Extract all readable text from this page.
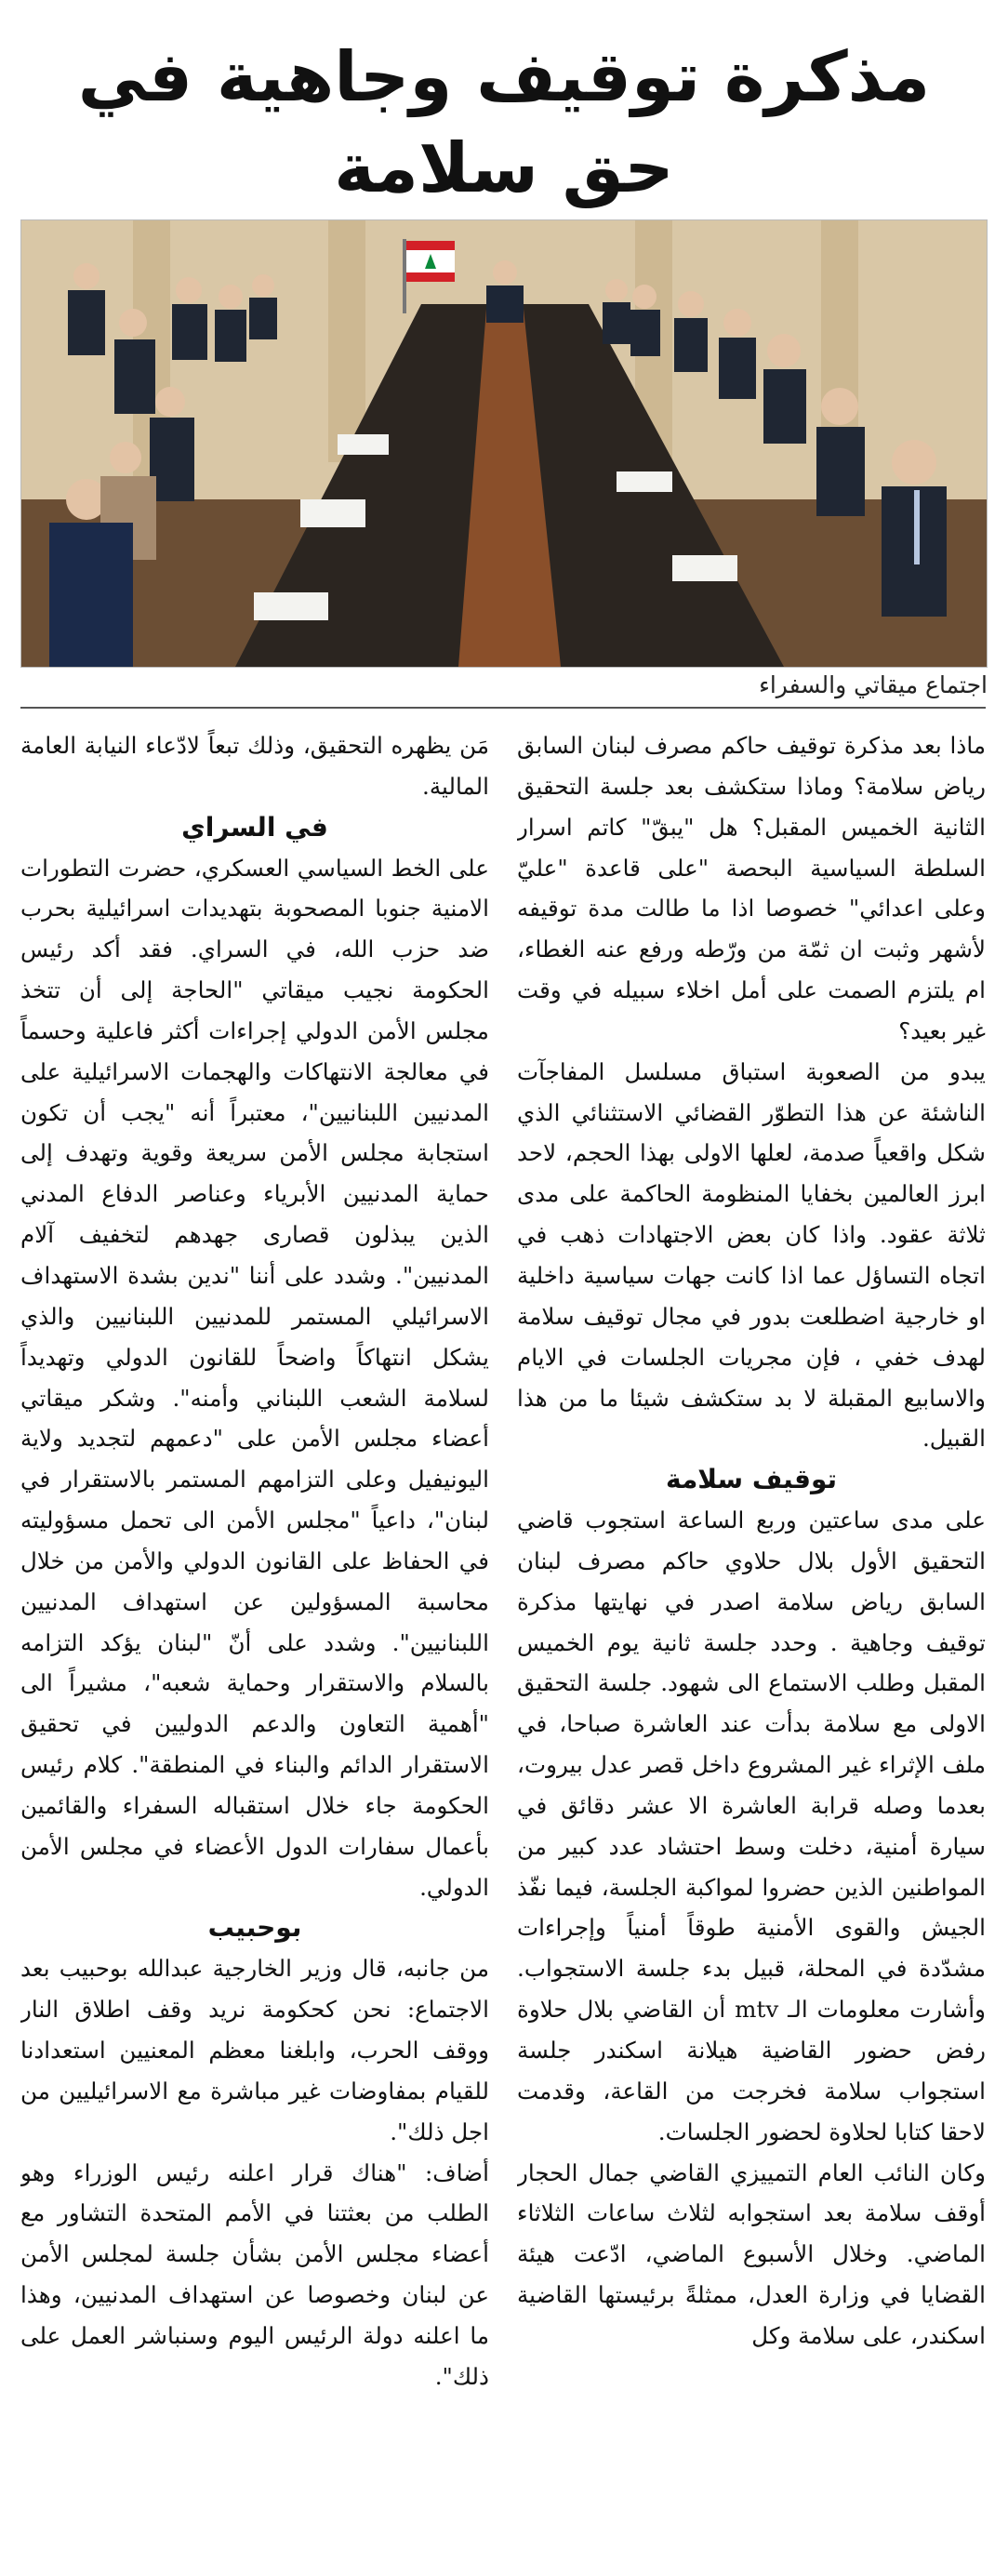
مذكرة توقيف وجاهية في حق سلامة
اجتماع ميقاتي والسفراء

ماذا بعد مذكرة توقيف حاكم مصرف لبنان السابق رياض سلامة؟ وماذا ستكشف بعد جلسة التحقيق الثانية الخميس المقبل؟ هل "يبقّ" كاتم اسرار السلطة السياسية البحصة "على قاعدة "عليّ وعلى اعدائي" خصوصا اذا ما طالت مدة توقيفه لأشهر وثبت ان ثمّة من ورّطه ورفع عنه الغطاء، ام يلتزم الصمت على أمل اخلاء سبيله في وقت غير بعيد؟

يبدو من الصعوبة استباق مسلسل المفاجآت الناشئة عن هذا التطوّر القضائي الاستثنائي الذي شكل واقعياً صدمة، لعلها الاولى بهذا الحجم، لاحد ابرز العالمين بخفايا المنظومة الحاكمة على مدى ثلاثة عقود. واذا كان بعض الاجتهادات ذهب في اتجاه التساؤل عما اذا كانت جهات سياسية داخلية او خارجية اضطلعت بدور في مجال توقيف سلامة لهدف خفي ، فإن مجريات الجلسات في الايام والاسابيع المقبلة لا بد ستكشف شيئا ما من هذا القبيل.

توقيف سلامة

على مدى ساعتين وربع الساعة استجوب قاضي التحقيق الأول بلال حلاوي حاكم مصرف لبنان السابق رياض سلامة اصدر في نهايتها مذكرة توقيف وجاهية . وحدد جلسة ثانية يوم الخميس المقبل وطلب الاستماع الى شهود. جلسة التحقيق الاولى مع سلامة بدأت عند العاشرة صباحا، في ملف الإثراء غير المشروع داخل قصر عدل بيروت، بعدما وصله قرابة العاشرة الا عشر دقائق في سيارة أمنية، دخلت وسط احتشاد عدد كبير من المواطنين الذين حضروا لمواكبة الجلسة، فيما نفّذ الجيش والقوى الأمنية طوقاً أمنياً وإجراءات مشدّدة في المحلة، قبيل بدء جلسة الاستجواب. وأشارت معلومات الـ mtv أن القاضي بلال حلاوة رفض حضور القاضية هيلانة اسكندر جلسة استجواب سلامة فخرجت من القاعة، وقدمت لاحقا كتابا لحلاوة لحضور الجلسات.

وكان النائب العام التمييزي القاضي جمال الحجار أوقف سلامة بعد استجوابه لثلاث ساعات الثلاثاء الماضي. وخلال الأسبوع الماضي، ادّعت هيئة القضايا في وزارة العدل، ممثلةً برئيستها القاضية اسكندر، على سلامة وكل

مَن يظهره التحقيق، وذلك تبعاً لادّعاء النيابة العامة المالية.

في السراي

على الخط السياسي العسكري، حضرت التطورات الامنية جنوبا المصحوبة بتهديدات اسرائيلية بحرب ضد حزب الله، في السراي. فقد أكد رئيس الحكومة نجيب ميقاتي "الحاجة إلى أن تتخذ مجلس الأمن الدولي إجراءات أكثر فاعلية وحسماً في معالجة الانتهاكات والهجمات الاسرائيلية على المدنيين اللبنانيين"، معتبراً أنه "يجب أن تكون استجابة مجلس الأمن سريعة وقوية وتهدف إلى حماية المدنيين الأبرياء وعناصر الدفاع المدني الذين يبذلون قصارى جهدهم لتخفيف آلام المدنيين". وشدد على أننا "ندين بشدة الاستهداف الاسرائيلي المستمر للمدنيين اللبنانيين والذي يشكل انتهاكاً واضحاً للقانون الدولي وتهديداً لسلامة الشعب اللبناني وأمنه". وشكر ميقاتي أعضاء مجلس الأمن على "دعمهم لتجديد ولاية اليونيفيل وعلى التزامهم المستمر بالاستقرار في لبنان"، داعياً "مجلس الأمن الى تحمل مسؤوليته في الحفاظ على القانون الدولي والأمن من خلال محاسبة المسؤولين عن استهداف المدنيين اللبنانيين". وشدد على أنّ "لبنان يؤكد التزامه بالسلام والاستقرار وحماية شعبه"، مشيراً الى "أهمية التعاون والدعم الدوليين في تحقيق الاستقرار الدائم والبناء في المنطقة". كلام رئيس الحكومة جاء خلال استقباله السفراء والقائمين بأعمال سفارات الدول الأعضاء في مجلس الأمن الدولي.

بوحبيب

من جانبه، قال وزير الخارجية عبدالله بوحبيب بعد الاجتماع: نحن كحكومة نريد وقف اطلاق النار ووقف الحرب، وابلغنا معظم المعنيين استعدادنا للقيام بمفاوضات غير مباشرة مع الاسرائيليين من اجل ذلك".

أضاف: "هناك قرار اعلنه رئيس الوزراء وهو الطلب من بعثتنا في الأمم المتحدة التشاور مع أعضاء مجلس الأمن بشأن جلسة لمجلس الأمن عن لبنان وخصوصا عن استهداف المدنيين، وهذا ما اعلنه دولة الرئيس اليوم وسنباشر العمل على ذلك".
